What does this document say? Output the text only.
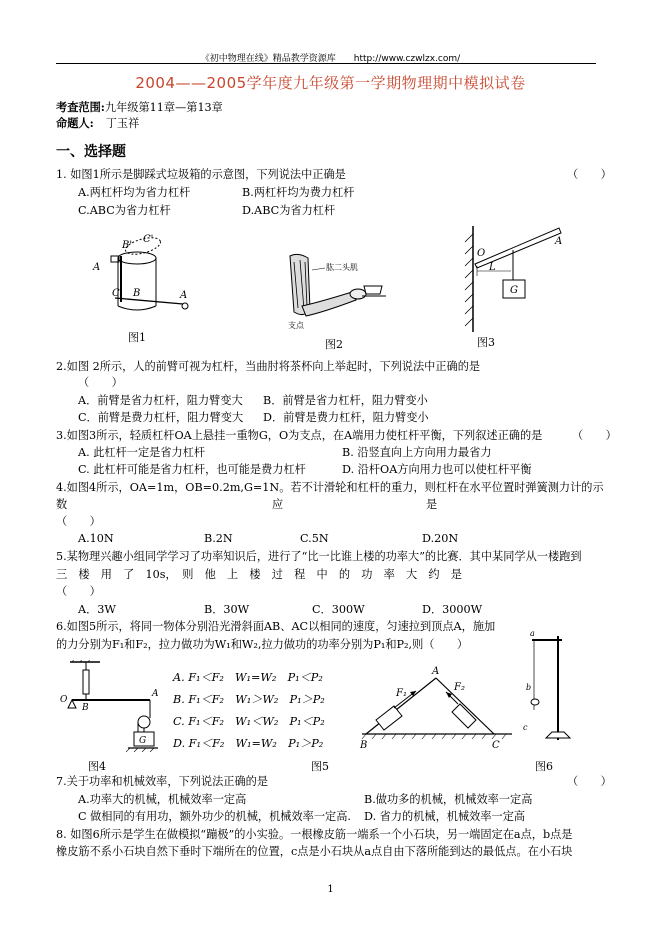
《初中物理在线》精品教学资源库　　http://www.czwlzx.com/
2004——2005学年度九年级第一学期物理期中模拟试卷
考查范围:九年级第11章—第13章
命题人: 丁玉祥
一、选择题
1. 如图1所示是脚踩式垃圾箱的示意图，下列说法中正确是	（　　）
A.两杠杆均为省力杠杆	B.两杠杆均为费力杠杆
C.ABC为省力杠杆	D.ABC为省力杠杆
B'
C'
A
C B	A
图1
肱二头肌
支点
图2
O
A
L
G
图3
2.如图 2所示，人的前臂可视为杠杆，当曲肘将茶杯向上举起时，下列说法中正确的是
（　　）
A．前臂是省力杠杆，阻力臂变大 B．前臂是省力杠杆，阻力臂变小
C．前臂是费力杠杆，阻力臂变大 D．前臂是费力杠杆，阻力臂变小
3.如图3所示，轻质杠杆OA上悬挂一重物G，O为支点，在A端用力使杠杆平衡，下列叙述正确的是	（　　）
A. 此杠杆一定是省力杠杆	B. 沿竖直向上方向用力最省力
C. 此杠杆可能是省力杠杆，也可能是费力杠杆	D. 沿杆OA方向用力也可以使杠杆平衡
4.如图4所示，OA=1m，OB=0.2m,G=1N。若不计滑轮和杠杆的重力，则杠杆在水平位置时弹簧测力计的示
数	应	是
（　　）
A.10N	B.2N	C.5N	D.20N
5.某物理兴趣小组同学学习了功率知识后，进行了“比一比谁上楼的功率大”的比赛．其中某同学从一楼跑到
三　楼　用　了　10s，　则　他　上　楼　过　程　中　的　功　率　大　约　是
（　　）
A．3W	B．30W	C．300W	D．3000W
6.如图5所示，将同一物体分别沿光滑斜面AB、AC以相同的速度，匀速拉到顶点A，施加
的力分别为F₁和F₂，拉力做功为W₁和W₂,拉力做功的功率分别为P₁和P₂,则（　　）
O
B
A
G
图4
A. F₁＜F₂　W₁=W₂　P₁＜P₂
B. F₁＜F₂　W₁＞W₂　P₁＞P₂
C. F₁＜F₂　W₁＜W₂　P₁＜P₂
D. F₁＜F₂　W₁=W₂　P₁＞P₂
F₁
F₂
A
B	C
图5
a
b
c
图6
7.关于功率和机械效率，下列说法正确的是	（　　）
A.功率大的机械，机械效率一定高	B.做功多的机械，机械效率一定高
C 做相同的有用功，额外功少的机械，机械效率一定高. D. 省力的机械，机械效率一定高
8. 如图6所示是学生在做模拟“蹦极”的小实验。一根橡皮筋一端系一个小石块，另一端固定在a点，b点是
橡皮筋不系小石块自然下垂时下端所在的位置，c点是小石块从a点自由下落所能到达的最低点。在小石块
1
